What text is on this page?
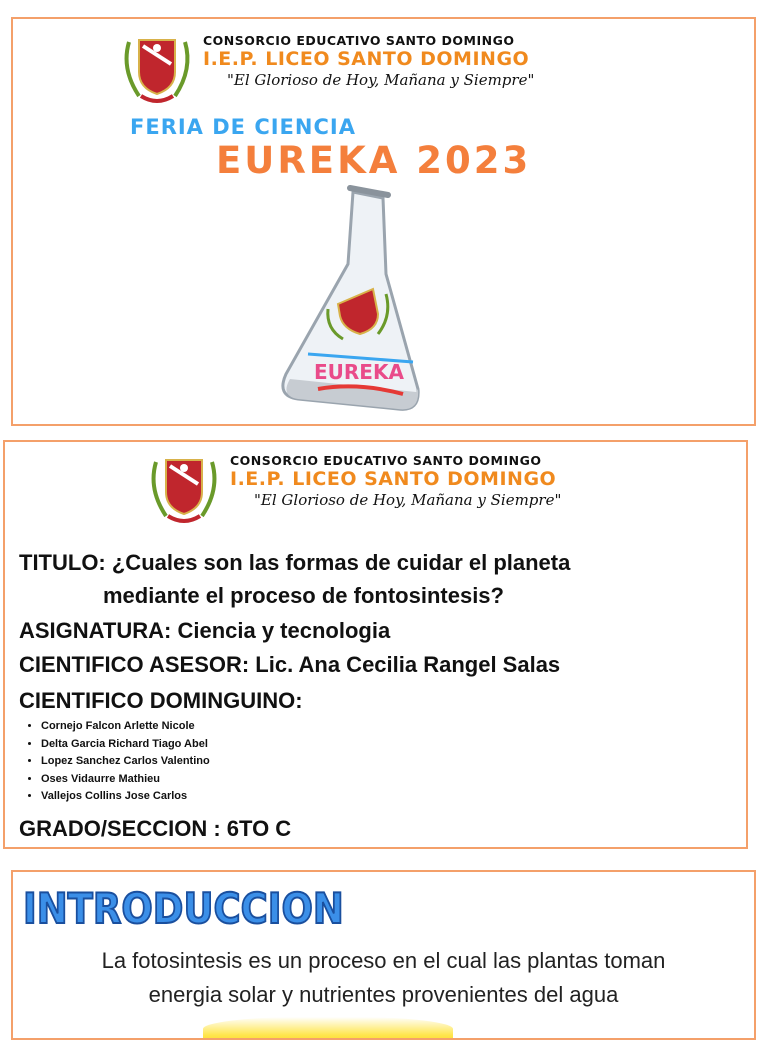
CONSORCIO EDUCATIVO SANTO DOMINGO
I.E.P. LICEO SANTO DOMINGO
"El Glorioso de Hoy, Mañana y Siempre"
FERIA DE CIENCIA
EUREKA 2023
EUREKA
CONSORCIO EDUCATIVO SANTO DOMINGO
I.E.P. LICEO SANTO DOMINGO
"El Glorioso de Hoy, Mañana y Siempre"
TITULO: ¿Cuales son las formas de cuidar el planeta
mediante el proceso de fontosintesis?
ASIGNATURA: Ciencia y tecnologia
CIENTIFICO ASESOR: Lic. Ana Cecilia Rangel Salas
CIENTIFICO DOMINGUINO:
• Cornejo Falcon Arlette Nicole
• Delta Garcia Richard Tiago Abel
• Lopez Sanchez Carlos Valentino
• Oses Vidaurre Mathieu
• Vallejos Collins Jose Carlos
GRADO/SECCION : 6TO C
INTRODUCCION
La fotosintesis es un proceso en el cual las plantas toman
energia solar y nutrientes provenientes del agua
